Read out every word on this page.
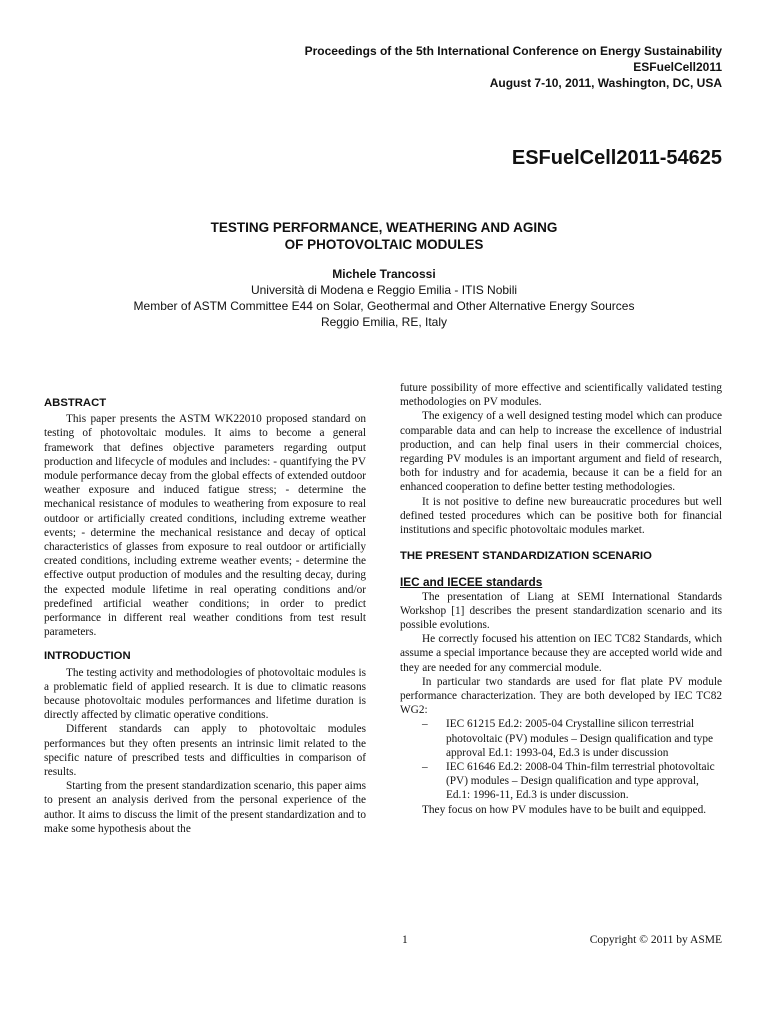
Proceedings of the 5th International Conference on Energy Sustainability
ESFuelCell2011
August 7-10, 2011, Washington, DC, USA
ESFuelCell2011-54625
TESTING PERFORMANCE, WEATHERING AND AGING
OF PHOTOVOLTAIC MODULES
Michele Trancossi
Università di Modena e Reggio Emilia - ITIS Nobili
Member of ASTM Committee E44 on Solar, Geothermal and Other Alternative Energy Sources
Reggio Emilia, RE, Italy
ABSTRACT

This paper presents the ASTM WK22010 proposed standard on testing of photovoltaic modules. It aims to become a general framework that defines objective parameters regarding output production and lifecycle of modules and includes: - quantifying the PV module performance decay from the global effects of extended outdoor weather exposure and induced fatigue stress; - determine the mechanical resistance of modules to weathering from exposure to real outdoor or artificially created conditions, including extreme weather events; - determine the mechanical resistance and decay of optical characteristics of glasses from exposure to real outdoor or artificially created conditions, including extreme weather events; - determine the effective output production of modules and the resulting decay, during the expected module lifetime in real operating conditions and/or predefined artificial weather conditions; in order to predict performance in different real weather conditions from test result parameters.

INTRODUCTION

The testing activity and methodologies of photovoltaic modules is a problematic field of applied research. It is due to climatic reasons because photovoltaic modules performances and lifetime duration is directly affected by climatic operative conditions.

Different standards can apply to photovoltaic modules performances but they often presents an intrinsic limit related to the specific nature of prescribed tests and difficulties in comparison of results.

Starting from the present standardization scenario, this paper aims to present an analysis derived from the personal experience of the author. It aims to discuss the limit of the present standardization and to make some hypothesis about the

future possibility of more effective and scientifically validated testing methodologies on PV modules.

The exigency of a well designed testing model which can produce comparable data and can help to increase the excellence of industrial production, and can help final users in their commercial choices, regarding PV modules is an important argument and field of research, both for industry and for academia, because it can be a field for an enhanced cooperation to define better testing methodologies.

It is not positive to define new bureaucratic procedures but well defined tested procedures which can be positive both for financial institutions and specific photovoltaic modules market.

THE PRESENT STANDARDIZATION SCENARIO
IEC and IECEE standards

The presentation of Liang at SEMI International Standards Workshop [1] describes the present standardization scenario and its possible evolutions.

He correctly focused his attention on IEC TC82 Standards, which assume a special importance because they are accepted world wide and they are needed for any commercial module.

In particular two standards are used for flat plate PV module performance characterization. They are both developed by IEC TC82 WG2:

– IEC 61215 Ed.2: 2005-04 Crystalline silicon terrestrial photovoltaic (PV) modules – Design qualification and type approval Ed.1: 1993-04, Ed.3 is under discussion
– IEC 61646 Ed.2: 2008-04 Thin-film terrestrial photovoltaic (PV) modules – Design qualification and type approval, Ed.1: 1996-11, Ed.3 is under discussion.

They focus on how PV modules have to be built and equipped.

1	Copyright © 2011 by ASME
